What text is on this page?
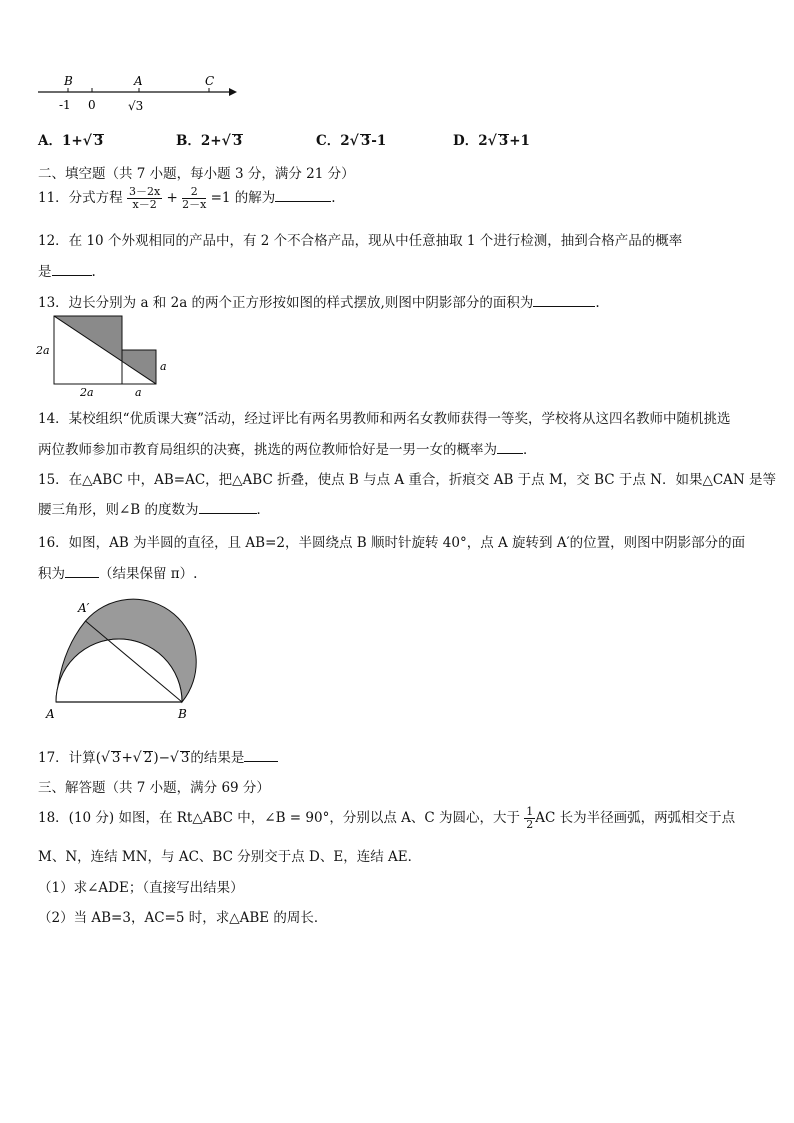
B	A	C
-1 0	√3
A．1+√ 3	B．2+√ 3	C．2√ 3-1	D．2√ 3+1
二、填空题（共 7 小题，每小题 3 分，满分 21 分）
11．分式方程 $\frac{3-2x}{x-2} + \frac{2}{2-x} =1$ 的解为	.
12．在 10 个外观相同的产品中，有 2 个不合格产品，现从中任意抽取 1 个进行检测，抽到合格产品的概率
是	.
13．边长分别为 a 和 2a 的两个正方形按如图的样式摆放,则图中阴影部分的面积为	.
2a
2a
a
a
14．某校组织“优质课大赛”活动，经过评比有两名男教师和两名女教师获得一等奖，学校将从这四名教师中随机挑选
两位教师参加市教育局组织的决赛，挑选的两位教师恰好是一男一女的概率为 ．
15．在△ABC 中，AB=AC，把△ABC 折叠，使点 B 与点 A 重合，折痕交 AB 于点 M，交 BC 于点 N．如果△CAN 是等
腰三角形，则∠B 的度数为	．
16．如图，AB 为半圆的直径，且 AB=2，半圆绕点 B 顺时针旋转 40°，点 A 旋转到 A′的位置，则图中阴影部分的面
积为	（结果保留 π）.
A′
A	B
17．计算(√ 3+√ 2)−√ 3的结果是
三、解答题（共 7 小题，满分 69 分）
18．(10 分) 如图，在 Rt△ABC 中，∠B = 90°，分别以点 A、C 为圆心，大于 $\frac{1}{2}$ AC 长为半径画弧，两弧相交于点
M、N，连结 MN，与 AC、BC 分别交于点 D、E，连结 AE．
（1）求∠ADE；（直接写出结果）
（2）当 AB=3，AC=5 时，求△ABE 的周长．
